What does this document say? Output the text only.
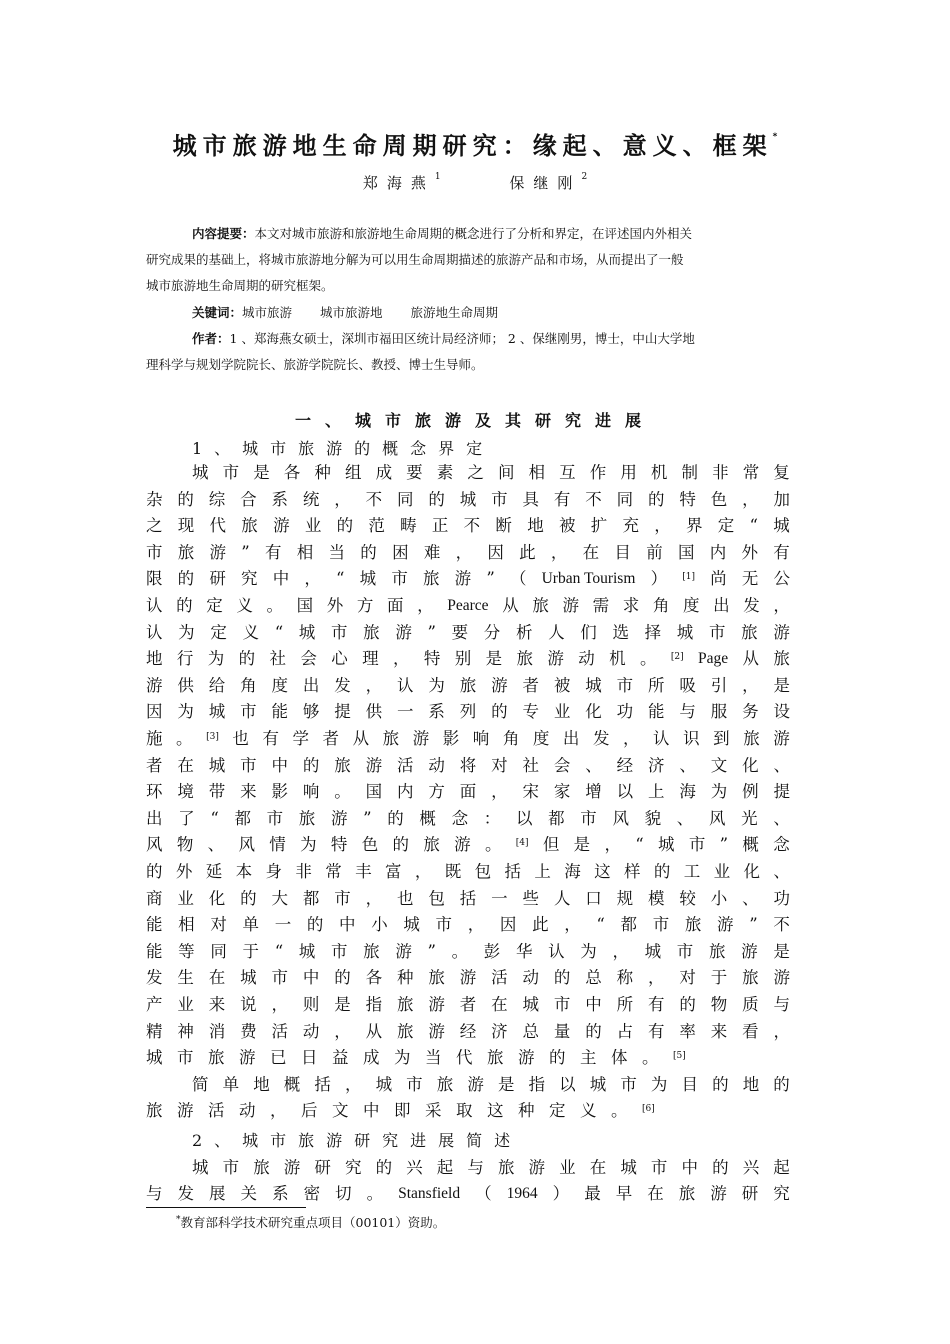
城市旅游地生命周期研究：缘起、意义、框架*
郑海燕$^1$	保继刚$^2$

内容提要：本文对城市旅游和旅游地生命周期的概念进行了分析和界定，在评述国内外相关

研究成果的基础上，将城市旅游地分解为可以用生命周期描述的旅游产品和市场，从而提出了一般

城市旅游地生命周期的研究框架。

关键词：城市旅游 城市旅游地 旅游地生命周期

作者：1 、郑海燕女硕士，深圳市福田区统计局经济师； 2 、保继刚男，博士，中山大学地

理科学与规划学院院长、旅游学院院长、教授、博士生导师。

一、城市旅游及其研究进展
1、城市旅游的概念界定
城 市 是 各 种 组 成 要 素 之 间 相 互 作 用 机 制 非 常 复
杂 的 综 合 系 统 ， 不 同 的 城 市 具 有 不 同 的 特 色 ， 加
之 现 代 旅 游 业 的 范 畴 正 不 断 地 被 扩 充 ， 界 定 “ 城
市 旅 游 ” 有 相 当 的 困 难 ， 因 此 ， 在 目 前 国 内 外 有
限 的 研 究 中 ， “ 城 市 旅 游 ” （ Urban Tourism ） [1] 尚 无 公
认 的 定 义 。 国 外 方 面 ， Pearce 从 旅 游 需 求 角 度 出 发 ，
认 为 定 义 “ 城 市 旅 游 ” 要 分 析 人 们 选 择 城 市 旅 游
地 行 为 的 社 会 心 理 ， 特 别 是 旅 游 动 机 。 [2] Page 从 旅
游 供 给 角 度 出 发 ， 认 为 旅 游 者 被 城 市 所 吸 引 ， 是
因 为 城 市 能 够 提 供 一 系 列 的 专 业 化 功 能 与 服 务 设
施 。 [3] 也 有 学 者 从 旅 游 影 响 角 度 出 发 ， 认 识 到 旅 游
者 在 城 市 中 的 旅 游 活 动 将 对 社 会 、 经 济 、 文 化 、
环 境 带 来 影 响 。 国 内 方 面 ， 宋 家 增 以 上 海 为 例 提
出 了 “ 都 市 旅 游 ” 的 概 念 ： 以 都 市 风 貌 、 风 光 、
风 物 、 风 情 为 特 色 的 旅 游 。 [4] 但 是 ， “ 城 市 ” 概 念
的 外 延 本 身 非 常 丰 富 ， 既 包 括 上 海 这 样 的 工 业 化 、
商 业 化 的 大 都 市 ， 也 包 括 一 些 人 口 规 模 较 小 、 功
能 相 对 单 一 的 中 小 城 市 ， 因 此 ， “ 都 市 旅 游 ” 不
能 等 同 于 “ 城 市 旅 游 ” 。 彭 华 认 为 ， 城 市 旅 游 是
发 生 在 城 市 中 的 各 种 旅 游 活 动 的 总 称 ， 对 于 旅 游
产 业 来 说 ， 则 是 指 旅 游 者 在 城 市 中 所 有 的 物 质 与
精 神 消 费 活 动 ， 从 旅 游 经 济 总 量 的 占 有 率 来 看 ，
城 市 旅 游 已 日 益 成 为 当 代 旅 游 的 主 体 。 [5]
简 单 地 概 括 ， 城 市 旅 游 是 指 以 城 市 为 目 的 地 的
旅 游 活 动 ， 后 文 中 即 采 取 这 种 定 义 。 [6]
城 市 旅 游 研 究 的 兴 起 与 旅 游 业 在 城 市 中 的 兴 起
与 发 展 关 系 密 切 。 Stansfield （ 1964 ） 最 早 在 旅 游 研 究
2、城市旅游研究进展简述
*教育部科学技术研究重点项目（00101）资助。
